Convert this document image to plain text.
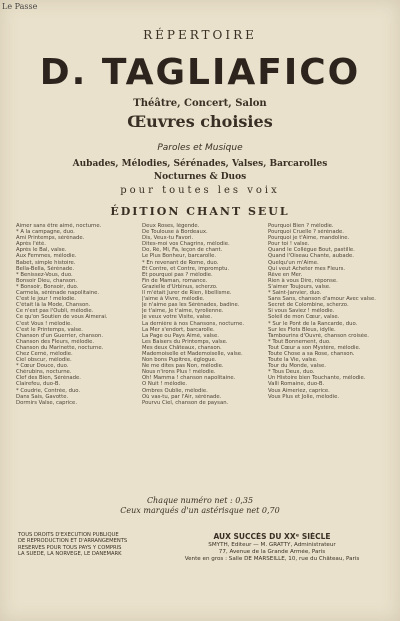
Le Passe
RÉPERTOIRE
D. TAGLIAFICO
Théâtre, Concert, Salon
Œuvres choisies
Paroles et Musique
Aubades, Mélodies, Sérénades, Valses, Barcarolles
Nocturnes & Duos
pour toutes les voix
ÉDITION CHANT SEUL
Aimer sans être aimé, nocturne.
* A la campagne, duo.
Ami Printemps, sérénade.
Après l'été.
Après le Bal, valse.
Aux Femmes, mélodie.
Babet, simple histoire.
Bella-Bella, Sérénade.
* Benissez-Vous, duo.
Bonsoir Dieu, chanson.
* Bonsoir, Bonsoir, duo.
Carmela, sérénade napolitaine.
C'est le jour ! mélodie.
C'était là la Mode, Chanson.
Ce n'est pas l'Oubli, mélodie.
Ce qu'on Soutien de vous Aimerai.
C'est Vous ! mélodie.
C'est le Printemps, valse.
Chanson d'un Guerrier, chanson.
Chanson des Fleurs, mélodie.
Chanson du Marinette, nocturne.
Chez Cerné, mélodie.
Ciel obscur, mélodie.
* Cœur Douce, duo.
Chérubins, nocturne.
Clef des Bien, Sérénade.
Clairefeu, duo-B.
* Coudrie, Contrée, duo.
Dans Sais, Gavotte.
Dormirs Valse, caprice.
Deux Roses, légende.
De Toulouse à Bordeaux.
Dis, Veux-tu Favori.
Dites-moi vos Chagrins, mélodie.
Do, Ré, Mi, Fa, leçon de chant.
Le Plus Bonheur, barcarolle.
* En revenant de Rome, duo.
Et Contre, et Contre, impromptu.
Et pourquoi pas ? mélodie.
Fin de Maman, romance.
Grazielle d'Urbinus, scherzo.
Il m'était Jurer de Rien, libellisme.
J'aime à Vivre, mélodie.
Je n'aime pas les Sérénades, badine.
Je t'aime, Je t'aime, tyrolienne.
Je veux votre Visite, valse.
La dernière à nos Chansons, nocturne.
La Mer s'endort, barcarolle.
La Page ou Pays Aimé, valse.
Les Baisers du Printemps, valse.
Mes deux Châteaux, chanson.
Mademoiselle et Mademoiselle, valse.
Non bons Pupitres, églogue.
Ne me dites pas Non, mélodie.
Nous n'irons Plus ! mélodie.
Oh! Mamma ! chanson napolitaine.
O Nuit ! mélodie.
Ombres Oublie, mélodie.
Où vas-tu, par l'Air, sérénade.
Pourvu Ciel, chanson de paysan.
Pourquoi Bien ? mélodie.
Pourquoi Cruelle ? sérénade.
Pourquoi je t'Aime, mandoline.
Pour toi ! valse.
Quand le Collègue Bout, pastille.
Quand l'Oiseau Chante, aubade.
Quelqu'un m'Aime.
Qui veut Acheter mes Fleurs.
Rêve en Mer.
Rien à vous Dire, réponse.
S'aimer Toujours, valse.
* Saint-Janvier, duo.
Sans Sans, chanson d'amour Avec valse.
Secret de Colombine, scherzo.
Si vous Saviez ! mélodie.
Soleil de mon Cœur, valse.
* Sur le Pont de la Rancarde, duo.
Sur les Flots Bleus, idylle.
Tambourins d'Ouvré, chanson croisée.
* Tout Bonnement, duo.
Tout Cœur a son Mystère, mélodie.
Toute Chose a sa Rose, chanson.
Toute la Vie, valse.
Tour du Monde, valse.
* Tous Deux, duo.
Un Histoire bien Touchante, mélodie.
Valli Romaine, duo-B.
Vous Aimeriez, caprice.
Vous Plus et Jolie, mélodie.
Chaque numéro net : 0,35
Ceux marqués d'un astérisque net 0,70
TOUS DROITS D'EXÉCUTION PUBLIQUE
DE REPRODUCTION ET D'ARRANGEMENTS
RÉSERVÉS POUR TOUS PAYS Y COMPRIS
LA SUÈDE, LA NORVÈGE, LE DANEMARK
AUX SUCCÈS DU XXᵉ SIÈCLE
SMYTH, Éditeur — M. GRATTY, Administrateur
77, Avenue de la Grande Armée, Paris
Vente en gros : Salle DE MARSEILLE, 10, rue du Château, Paris
